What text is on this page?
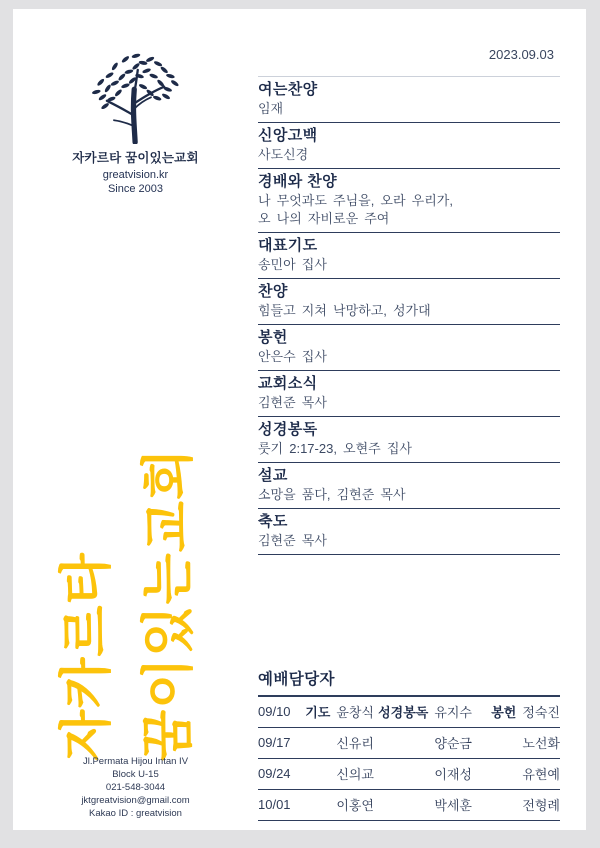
자카르타 꿈이있는교회
greatvision.kr
Since 2003
자카르타 꿈이있는교회
Jl.Permata Hijou Intan IV
Block U-15
021-548-3044
jktgreatvision@gmail.com
Kakao ID : greatvision
2023.09.03
여는찬양
임재
신앙고백
사도신경
경배와 찬양
나 무엇과도 주님을, 오라 우리가,
오 나의 자비로운 주여
대표기도
송민아 집사
찬양
힘들고 지쳐 낙망하고, 성가대
봉헌
안은수 집사
교회소식
김현준 목사
성경봉독
룻기 2:17-23, 오현주 집사
설교
소망을 품다, 김현준 목사
축도
김현준 목사
예배담당자
09/10	기도 윤창식	성경봉독 유지수	봉헌 정숙진
09/17	신유리	양순금	노선화
09/24	신의교	이재성	유현예
10/01	이홍연	박세훈	전형례
